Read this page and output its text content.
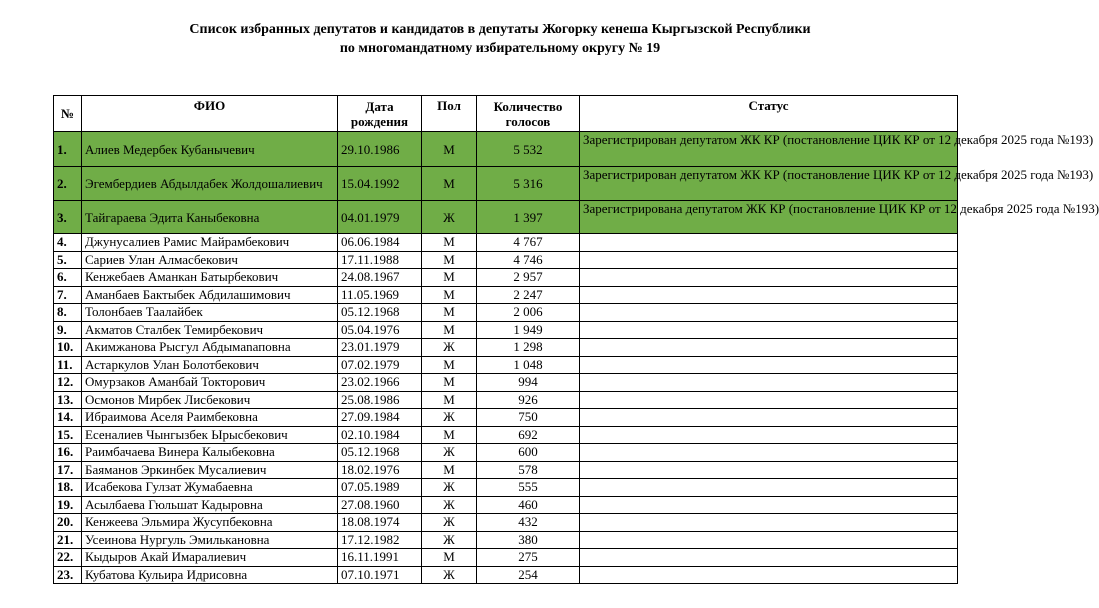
Список избранных депутатов и кандидатов в депутаты Жогорку кенеша Кыргызской Республики
по многомандатному избирательному округу № 19
№	ФИО	Дата рождения	Пол	Количество голосов	Статус
1.	Алиев Медербек Кубанычевич	29.10.1986	М	5 532	Зарегистрирован депутатом ЖК КР (постановление ЦИК КР от 12 декабря 2025 года №193)
2.	Эгембердиев Абдылдабек Жолдошалиевич	15.04.1992	М	5 316	Зарегистрирован депутатом ЖК КР (постановление ЦИК КР от 12 декабря 2025 года №193)
3.	Тайгараева Эдита Каныбековна	04.01.1979	Ж	1 397	Зарегистрирована депутатом ЖК КР (постановление ЦИК КР от 12 декабря 2025 года №193)
4.	Джунусалиев Рамис Майрамбекович	06.06.1984	М	4 767	
5.	Сариев Улан Алмасбекович	17.11.1988	М	4 746	
6.	Кенжебаев Аманкан Батырбекович	24.08.1967	М	2 957	
7.	Аманбаев Бактыбек Абдилашимович	11.05.1969	М	2 247	
8.	Толонбаев Таалайбек	05.12.1968	М	2 006	
9.	Акматов Сталбек Темирбекович	05.04.1976	М	1 949	
10.	Акимжанова Рысгул Абдымanаповна	23.01.1979	Ж	1 298	
11.	Астаркулов Улан Болотбекович	07.02.1979	М	1 048	
12.	Омурзаков Аманбай Токторович	23.02.1966	М	994	
13.	Осмонов Мирбек Лисбекович	25.08.1986	М	926	
14.	Ибраимова Аселя Раимбековна	27.09.1984	Ж	750	
15.	Есеналиев Чынгызбек Ырысбекович	02.10.1984	М	692	
16.	Раимбачаева Винера Калыбековна	05.12.1968	Ж	600	
17.	Баяманов Эркинбек Мусалиевич	18.02.1976	М	578	
18.	Исабекова Гулзат Жумабаевна	07.05.1989	Ж	555	
19.	Асылбаева Гюльшат Кадыровна	27.08.1960	Ж	460	
20.	Кенжеева Эльмира Жусупбековна	18.08.1974	Ж	432	
21.	Усеинова Нургуль Эмилькановна	17.12.1982	Ж	380	
22.	Кыдыров Акай Имаралиевич	16.11.1991	М	275	
23.	Кубатова Кульира Идрисовна	07.10.1971	Ж	254	
